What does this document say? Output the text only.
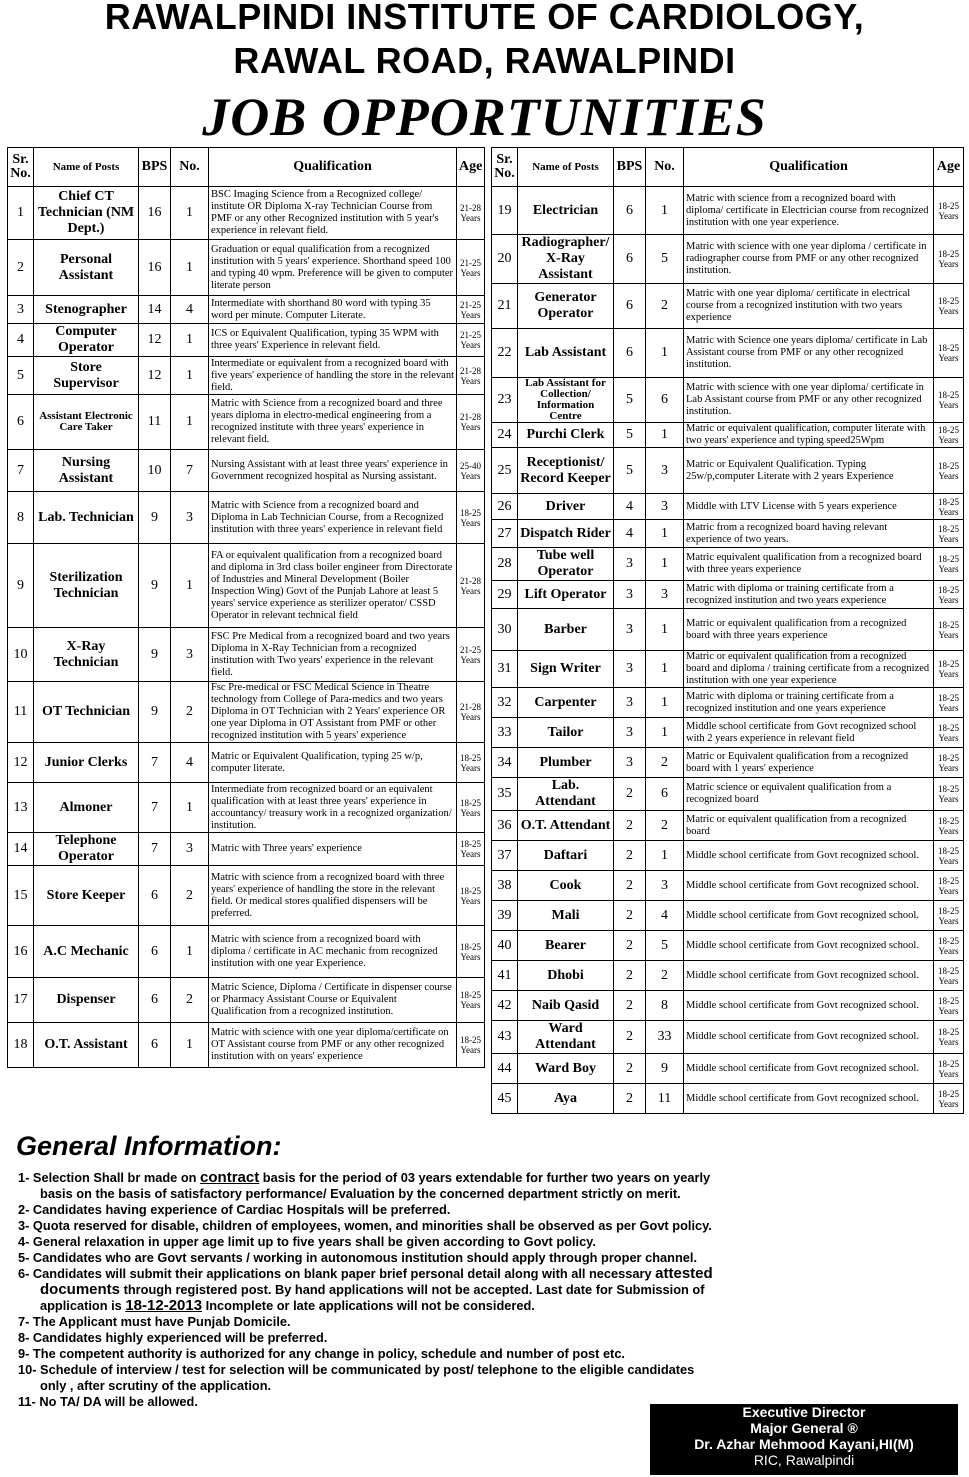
RAWALPINDI INSTITUTE OF CARDIOLOGY,
RAWAL ROAD, RAWALPINDI
JOB OPPORTUNITIES
Sr. No.	Name of Posts	BPS	No.	Qualification	Age
1	Chief CT Technician (NM Dept.)	16	1	BSC Imaging Science from a Recognized college/ institute OR Diploma X-ray Technician Course from PMF or any other Recognized institution with 5 year's experience in relevant field.	21-28 Years
2	Personal Assistant	16	1	Graduation or equal qualification from a recognized institution with 5 years' experience. Shorthand speed 100 and typing 40 wpm. Preference will be given to computer literate person	21-25 Years
3	Stenographer	14	4	Intermediate with shorthand 80 word with typing 35 word per minute. Computer Literate.	21-25 Years
4	Computer Operator	12	1	ICS or Equivalent Qualification, typing 35 WPM with three years' Experience in relevant field.	21-25 Years
5	Store Supervisor	12	1	Intermediate or equivalent from a recognized board with five years' experience of handling the store in the relevant field.	21-28 Years
6	Assistant Electronic Care Taker	11	1	Matric with Science from a recognized board and three years diploma in electro-medical engineering from a recognized institute with three years' experience in relevant field.	21-28 Years
7	Nursing Assistant	10	7	Nursing Assistant with at least three years' experience in Government recognized hospital as Nursing assistant.	25-40 Years
8	Lab. Technician	9	3	Matric with Science from a recognized board and Diploma in Lab Technician Course, from a Recognized institution with three years' experience in relevant field	18-25 Years
9	Sterilization Technician	9	1	FA or equivalent qualification from a recognized board and diploma in 3rd class boiler engineer from Directorate of Industries and Mineral Development (Boiler Inspection Wing) Govt of the Punjab Lahore at least 5 years' service experience as sterilizer operator/ CSSD Operator in relevant technical field	21-28 Years
10	X-Ray Technician	9	3	FSC Pre Medical from a recognized board and two years Diploma in X-Ray Technician from a recognized institution with Two years' experience in the relevant field.	21-25 Years
11	OT Technician	9	2	Fsc Pre-medical or FSC Medical Science in Theatre technology from College of Para-medics and two years Diploma in OT Technician with 2 Years' experience OR one year Diploma in OT Assistant from PMF or other recognized institution with 5 years' experience	21-28 Years
12	Junior Clerks	7	4	Matric or Equivalent Qualification, typing 25 w/p, computer literate.	18-25 Years
13	Almoner	7	1	Intermediate from recognized board or an equivalent qualification with at least three years' experience in accountancy/ treasury work in a recognized organization/ institution.	18-25 Years
14	Telephone Operator	7	3	Matric with Three years' experience	18-25 Years
15	Store Keeper	6	2	Matric with science from a recognized board with three years' experience of handling the store in the relevant field. Or medical stores qualified dispensers will be preferred.	18-25 Years
16	A.C Mechanic	6	1	Matric with science from a recognized board with diploma / certificate in AC mechanic from recognized institution with one year Experience.	18-25 Years
17	Dispenser	6	2	Matric Science, Diploma / Certificate in dispenser course or Pharmacy Assistant Course or Equivalent Qualification from a recognized institution.	18-25 Years
18	O.T. Assistant	6	1	Matric with science with one year diploma/certificate on OT Assistant course from PMF or any other recognized institution with on years' experience	18-25 Years
Sr. No.	Name of Posts	BPS	No.	Qualification	Age
19	Electrician	6	1	Matric with science from a recognized board with diploma/ certificate in Electrician course from recognized institution with one year experience.	18-25 Years
20	Radiographer/ X-Ray Assistant	6	5	Matric with science with one year diploma / certificate in radiographer course from PMF or any other recognized institution.	18-25 Years
21	Generator Operator	6	2	Matric with one year diploma/ certificate in electrical course from a recognized institution with two years experience	18-25 Years
22	Lab Assistant	6	1	Matric with Science one years diploma/ certificate in Lab Assistant course from PMF or any other recognized institution.	18-25 Years
23	Lab Assistant for Collection/ Information Centre	5	6	Matric with science with one year diploma/ certificate in Lab Assistant course from PMF or any other recognized institution.	18-25 Years
24	Purchi Clerk	5	1	Matric or equivalent qualification, computer literate with two years' experience and typing speed25Wpm	18-25 Years
25	Receptionist/ Record Keeper	5	3	Matric or Equivalent Qualification. Typing 25w/p,computer Literate with 2 years Experience	18-25 Years
26	Driver	4	3	Middle with LTV License with 5 years experience	18-25 Years
27	Dispatch Rider	4	1	Matric from a recognized board having relevant experience of two years.	18-25 Years
28	Tube well Operator	3	1	Matric equivalent qualification from a recognized board with three years experience	18-25 Years
29	Lift Operator	3	3	Matric with diploma or training certificate from a recognized institution and two years experience	18-25 Years
30	Barber	3	1	Matric or equivalent qualification from a recognized board with three years experience	18-25 Years
31	Sign Writer	3	1	Matric or equivalent qualification from a recognized board and diploma / training certificate from a recognized institution with one year experience	18-25 Years
32	Carpenter	3	1	Matric with diploma or training certificate from a recognized institution and one years experience	18-25 Years
33	Tailor	3	1	Middle school certificate from Govt recognized school with 2 years experience in relevant field	18-25 Years
34	Plumber	3	2	Matric or Equivalent qualification from a recognized board with 1 years' experience	18-25 Years
35	Lab. Attendant	2	6	Matric science or equivalent qualification from a recognized board	18-25 Years
36	O.T. Attendant	2	2	Matric or equivalent qualification from a recognized board	18-25 Years
37	Daftari	2	1	Middle school certificate from Govt recognized school.	18-25 Years
38	Cook	2	3	Middle school certificate from Govt recognized school.	18-25 Years
39	Mali	2	4	Middle school certificate from Govt recognized school.	18-25 Years
40	Bearer	2	5	Middle school certificate from Govt recognized school.	18-25 Years
41	Dhobi	2	2	Middle school certificate from Govt recognized school.	18-25 Years
42	Naib Qasid	2	8	Middle school certificate from Govt recognized school.	18-25 Years
43	Ward Attendant	2	33	Middle school certificate from Govt recognized school.	18-25 Years
44	Ward Boy	2	9	Middle school certificate from Govt recognized school.	18-25 Years
45	Aya	2	11	Middle school certificate from Govt recognized school.	18-25 Years
General Information:
1- Selection Shall br made on contract basis for the period of 03 years extendable for further two years on yearly
basis on the basis of satisfactory performance/ Evaluation by the concerned department strictly on merit.
2- Candidates having experience of Cardiac Hospitals will be preferred.
3- Quota reserved for disable, children of employees, women, and minorities shall be observed as per Govt policy.
4- General relaxation in upper age limit up to five years shall be given according to Govt policy.
5- Candidates who are Govt servants / working in autonomous institution should apply through proper channel.
6- Candidates will submit their applications on blank paper brief personal detail along with all necessary attested
documents through registered post. By hand applications will not be accepted. Last date for Submission of
application is 18-12-2013 Incomplete or late applications will not be considered.
7- The Applicant must have Punjab Domicile.
8- Candidates highly experienced will be preferred.
9- The competent authority is authorized for any change in policy, schedule and number of post etc.
10- Schedule of interview / test for selection will be communicated by post/ telephone to the eligible candidates
only , after scrutiny of the application.
11- No TA/ DA will be allowed.
Executive Director
Major General ®
Dr. Azhar Mehmood Kayani,HI(M)
RIC, Rawalpindi
